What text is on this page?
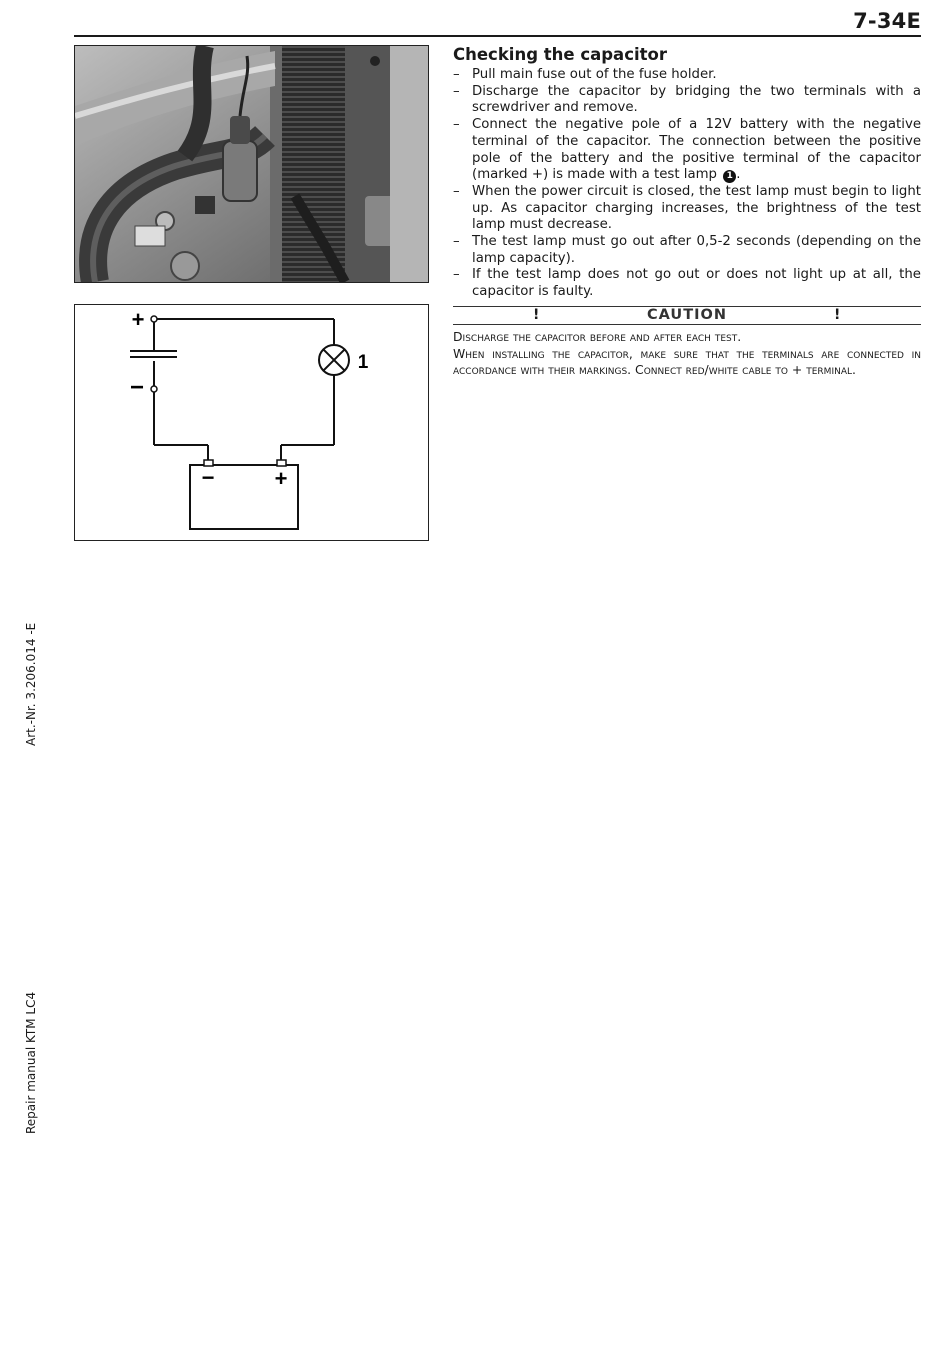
7-34E
+
−
1
−	+
Checking the capacitor
– Pull main fuse out of the fuse holder.
– Discharge the capacitor by bridging the two terminals with a screwdriver and remove.
– Connect the negative pole of a 12V battery with the negative terminal of the capacitor. The connection between the positive pole of the battery and the positive terminal of the capacitor (marked +) is made with a test lamp 1 .
– When the power circuit is closed, the test lamp must begin to light up. As capacitor charging increases, the brightness of the test lamp must decrease.
– The test lamp must go out after 0,5-2 seconds (depending on the lamp capacity).
– If the test lamp does not go out or does not light up at all, the capacitor is faulty.
!	CAUTION	!

Discharge the capacitor before and after each test.

When installing the capacitor, make sure that the terminals are connected in accordance with their markings. Connect red/white cable to + terminal.

Art.-Nr. 3.206.014 -E
Repair manual KTM LC4
